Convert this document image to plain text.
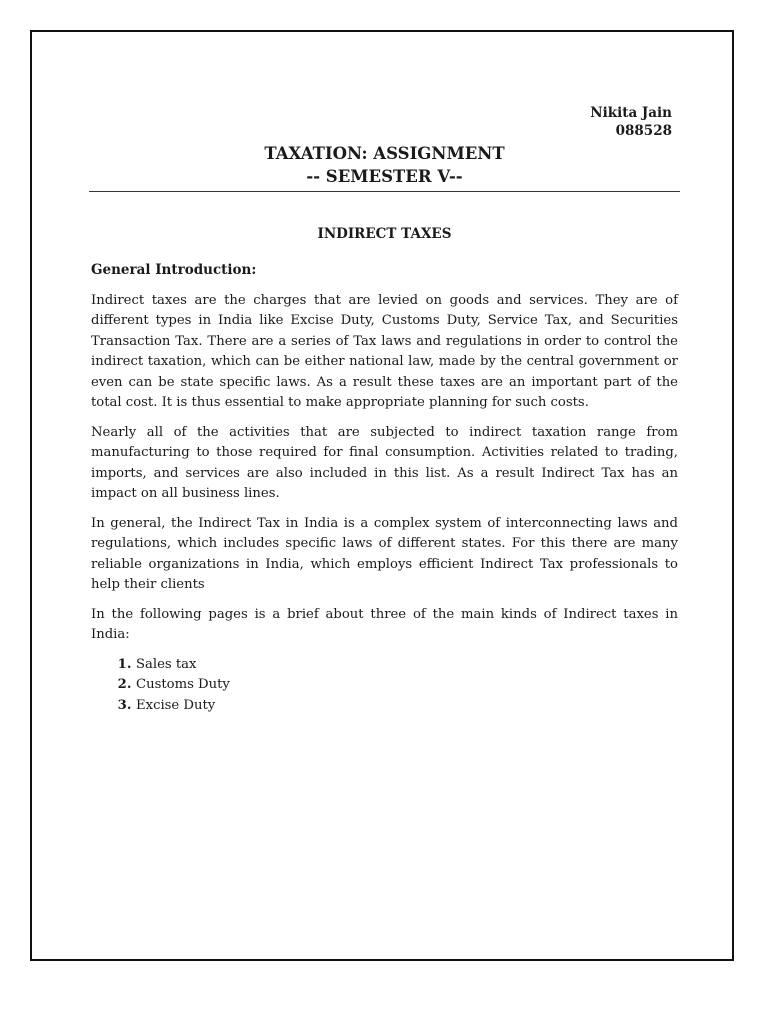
Nikita Jain
088528
TAXATION: ASSIGNMENT
-- SEMESTER V--
INDIRECT TAXES
General Introduction:

Indirect taxes are the charges that are levied on goods and services. They are of different types in India like Excise Duty, Customs Duty, Service Tax, and Securities Transaction Tax. There are a series of Tax laws and regulations in order to control the indirect taxation, which can be either national law, made by the central government or even can be state specific laws. As a result these taxes are an important part of the total cost. It is thus essential to make appropriate planning for such costs.

Nearly all of the activities that are subjected to indirect taxation range from manufacturing to those required for final consumption. Activities related to trading, imports, and services are also included in this list. As a result Indirect Tax has an impact on all business lines.

In general, the Indirect Tax in India is a complex system of interconnecting laws and regulations, which includes specific laws of different states. For this there are many reliable organizations in India, which employs efficient Indirect Tax professionals to help their clients

In the following pages is a brief about three of the main kinds of Indirect taxes in India:

1. Sales tax
2. Customs Duty
3. Excise Duty
